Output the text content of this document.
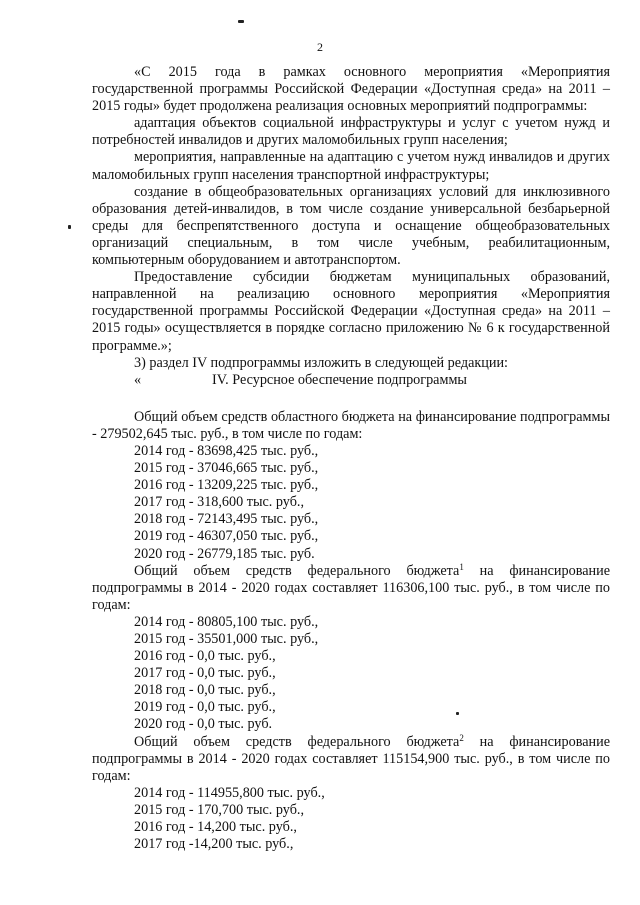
2

«С 2015 года в рамках основного мероприятия «Мероприятия государственной программы Российской Федерации «Доступная среда» на 2011 – 2015 годы» будет продолжена реализация основных мероприятий подпрограммы:

адаптация объектов социальной инфраструктуры и услуг с учетом нужд и потребностей инвалидов и других маломобильных групп населения;

мероприятия, направленные на адаптацию с учетом нужд инвалидов и других маломобильных групп населения транспортной инфраструктуры;

создание в общеобразовательных организациях условий для инклюзивного образования детей-инвалидов, в том числе создание универсальной безбарьерной среды для беспрепятственного доступа и оснащение общеобразовательных организаций специальным, в том числе учебным, реабилитационным, компьютерным оборудованием и автотранспортом.

Предоставление субсидии бюджетам муниципальных образований, направленной на реализацию основного мероприятия «Мероприятия государственной программы Российской Федерации «Доступная среда» на 2011 – 2015 годы» осуществляется в порядке согласно приложению № 6 к государственной программе.»;

3) раздел IV подпрограммы изложить в следующей редакции:

«	IV. Ресурсное обеспечение подпрограммы

Общий объем средств областного бюджета на финансирование подпрограммы - 279502,645 тыс. руб., в том числе по годам:

2014 год - 83698,425 тыс. руб.,

2015 год - 37046,665 тыс. руб.,

2016 год - 13209,225 тыс. руб.,

2017 год - 318,600 тыс. руб.,

2018 год - 72143,495 тыс. руб.,

2019 год - 46307,050 тыс. руб.,

2020 год - 26779,185 тыс. руб.

Общий объем средств федерального бюджета$^1$ на финансирование подпрограммы в 2014 - 2020 годах составляет 116306,100 тыс. руб., в том числе по годам:

2014 год - 80805,100 тыс. руб.,

2015 год - 35501,000 тыс. руб.,

2016 год - 0,0 тыс. руб.,

2017 год - 0,0 тыс. руб.,

2018 год - 0,0 тыс. руб.,

2019 год - 0,0 тыс. руб.,

2020 год - 0,0 тыс. руб.

Общий объем средств федерального бюджета$^2$ на финансирование подпрограммы в 2014 - 2020 годах составляет 115154,900 тыс. руб., в том числе по годам:

2014 год - 114955,800 тыс. руб.,

2015 год - 170,700 тыс. руб.,

2016 год - 14,200 тыс. руб.,

2017 год -14,200 тыс. руб.,
